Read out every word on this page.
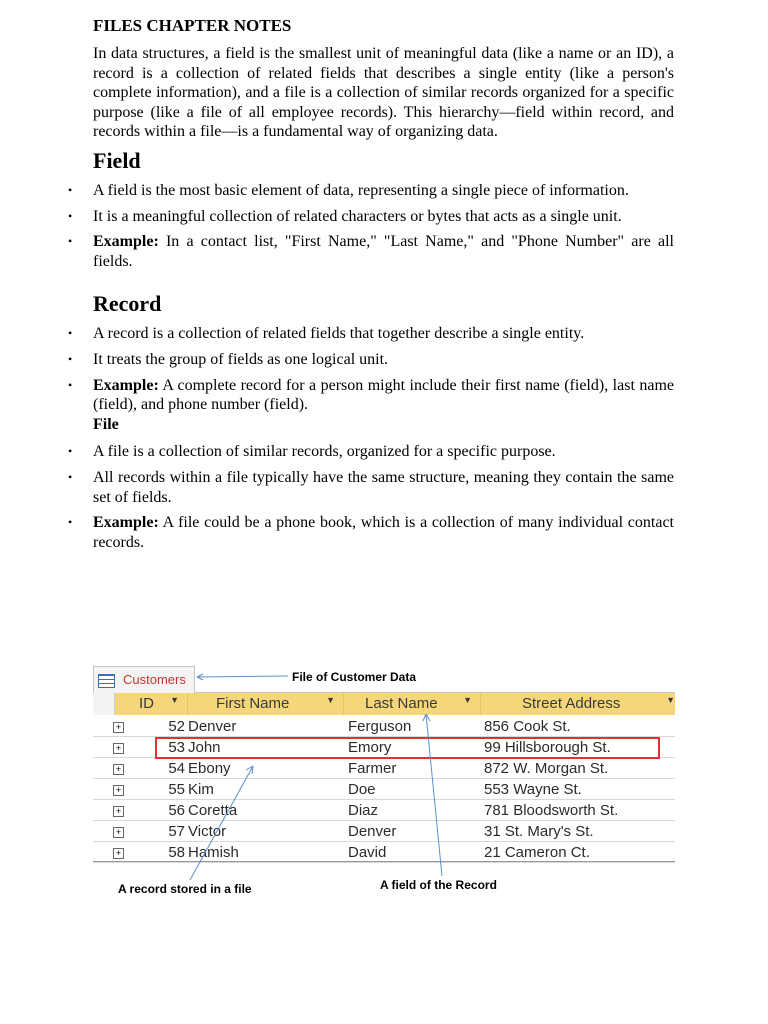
FILES CHAPTER NOTES

In data structures, a field is the smallest unit of meaningful data (like a name or an ID), a record is a collection of related fields that describes a single entity (like a person's complete information), and a file is a collection of similar records organized for a specific purpose (like a file of all employee records). This hierarchy—field within record, and records within a file—is a fundamental way of organizing data.

Field
• A field is the most basic element of data, representing a single piece of information.
• It is a meaningful collection of related characters or bytes that acts as a single unit.
• Example: In a contact list, "First Name," "Last Name," and "Phone Number" are all fields.
Record
• A record is a collection of related fields that together describe a single entity.
• It treats the group of fields as one logical unit.
• Example: A complete record for a person might include their first name (field), last name (field), and phone number (field).
File
• A file is a collection of similar records, organized for a specific purpose.
• All records within a file typically have the same structure, meaning they contain the same set of fields.
• Example: A file could be a phone book, which is a collection of many individual contact records.
Customers	File of Customer Data
ID ▼ First Name	▼ Last Name	▼	Street Address	▼
+	52 Denver	Ferguson	856 Cook St.
+	53 John	Emory	99 Hillsborough St.
+	54 Ebony	Farmer	872 W. Morgan St.
+	55 Kim	Doe	553 Wayne St.
+	56 Coretta	Diaz	781 Bloodsworth St.
+	57 Victor	Denver	31 St. Mary's St.
+	58 Hamish	David	21 Cameron Ct.
A record stored in a file	A field of the Record
